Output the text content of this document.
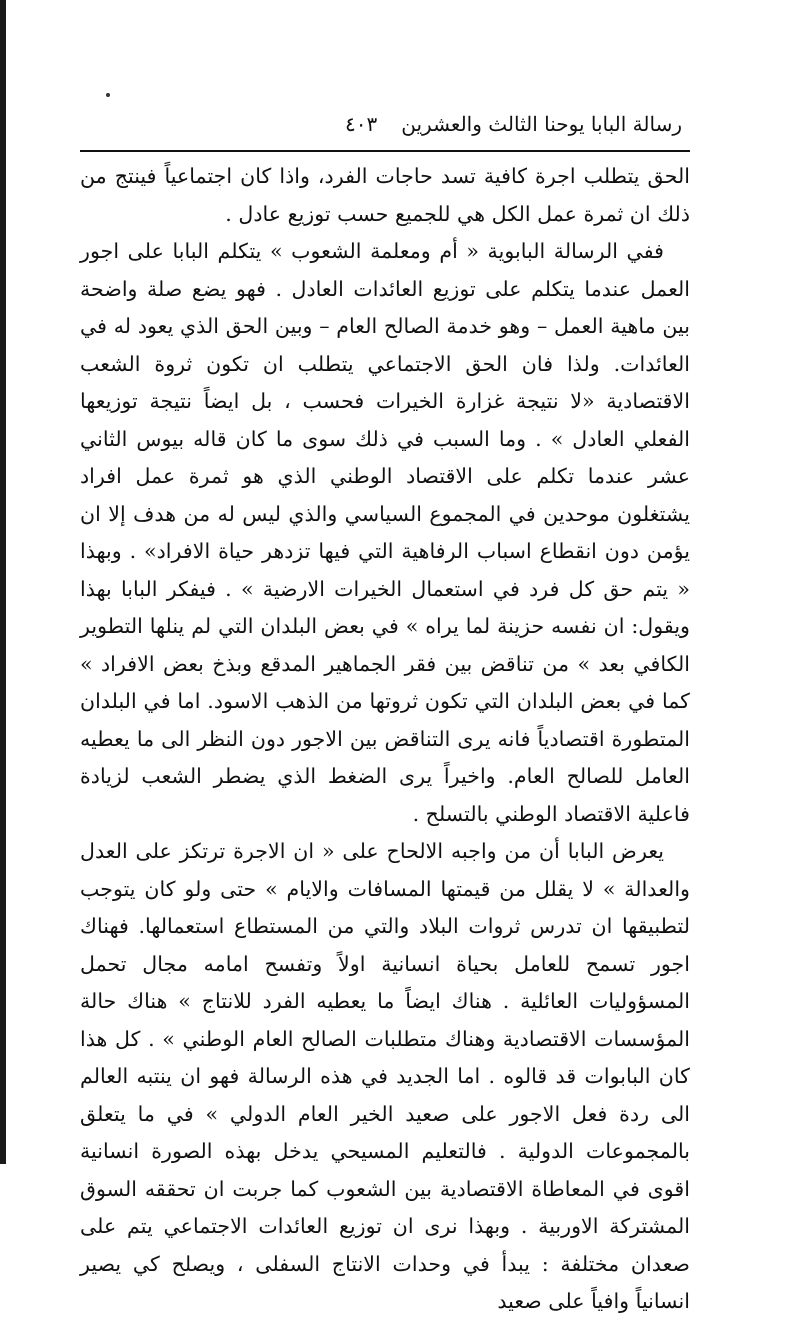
رسالة البابا يوحنا الثالث والعشرين
٤٠٣

الحق يتطلب اجرة كافية تسد حاجات الفرد، واذا كان اجتماعياً فينتج من ذلك ان ثمرة عمل الكل هي للجميع حسب توزيع عادل .

ففي الرسالة البابوية « أم ومعلمة الشعوب » يتكلم البابا على اجور العمل عندما يتكلم على توزيع العائدات العادل . فهو يضع صلة واضحة بين ماهية العمل – وهو خدمة الصالح العام – وبين الحق الذي يعود له في العائدات. ولذا فان الحق الاجتماعي يتطلب ان تكون ثروة الشعب الاقتصادية «لا نتيجة غزارة الخيرات فحسب ، بل ايضاً نتيجة توزيعها الفعلي العادل » . وما السبب في ذلك سوى ما كان قاله بيوس الثاني عشر عندما تكلم على الاقتصاد الوطني الذي هو ثمرة عمل افراد يشتغلون موحدين في المجموع السياسي والذي ليس له من هدف إلا ان يؤمن دون انقطاع اسباب الرفاهية التي فيها تزدهر حياة الافراد» . وبهذا « يتم حق كل فرد في استعمال الخيرات الارضية » . فيفكر البابا بهذا ويقول: ان نفسه حزينة لما يراه » في بعض البلدان التي لم ينلها التطوير الكافي بعد » من تناقض بين فقر الجماهير المدقع وبذخ بعض الافراد » كما في بعض البلدان التي تكون ثروتها من الذهب الاسود. اما في البلدان المتطورة اقتصادياً فانه يرى التناقض بين الاجور دون النظر الى ما يعطيه العامل للصالح العام. واخيراً يرى الضغط الذي يضطر الشعب لزيادة فاعلية الاقتصاد الوطني بالتسلح .

يعرض البابا أن من واجبه الالحاح على « ان الاجرة ترتكز على العدل والعدالة » لا يقلل من قيمتها المسافات والايام » حتى ولو كان يتوجب لتطبيقها ان تدرس ثروات البلاد والتي من المستطاع استعمالها. فهناك اجور تسمح للعامل بحياة انسانية اولاً وتفسح امامه مجال تحمل المسؤوليات العائلية . هناك ايضاً ما يعطيه الفرد للانتاج » هناك حالة المؤسسات الاقتصادية وهناك متطلبات الصالح العام الوطني » . كل هذا كان البابوات قد قالوه . اما الجديد في هذه الرسالة فهو ان ينتبه العالم الى ردة فعل الاجور على صعيد الخير العام الدولي » في ما يتعلق بالمجموعات الدولية . فالتعليم المسيحي يدخل بهذه الصورة انسانية اقوى في المعاطاة الاقتصادية بين الشعوب كما جربت ان تحققه السوق المشتركة الاوربية . وبهذا نرى ان توزيع العائدات الاجتماعي يتم على صعدان مختلفة : يبدأ في وحدات الانتاج السفلى ، ويصلح كي يصير انسانياً وافياً على صعيد
